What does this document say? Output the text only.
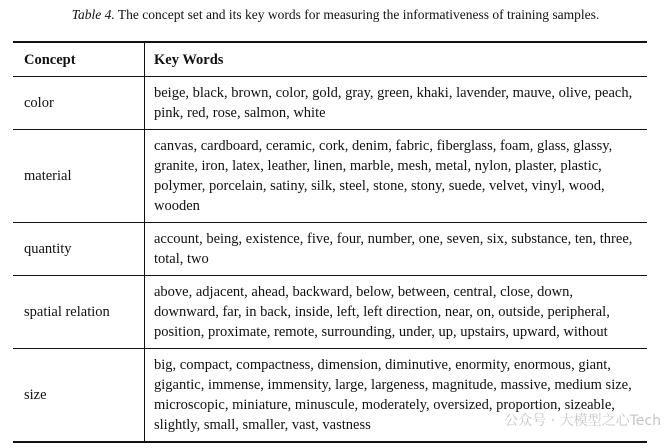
Table 4. The concept set and its key words for measuring the informativeness of training samples.
Concept	Key Words
color	beige, black, brown, color, gold, gray, green, khaki, lavender, mauve, olive, peach, pink, red, rose, salmon, white
material	canvas, cardboard, ceramic, cork, denim, fabric, fiberglass, foam, glass, glassy, granite, iron, latex, leather, linen, marble, mesh, metal, nylon, plaster, plastic, polymer, porcelain, satiny, silk, steel, stone, stony, suede, velvet, vinyl, wood, wooden
quantity	account, being, existence, five, four, number, one, seven, six, substance, ten, three, total, two
spatial relation	above, adjacent, ahead, backward, below, between, central, close, down, downward, far, in back, inside, left, left direction, near, on, outside, peripheral, position, proximate, remote, surrounding, under, up, upstairs, upward, without
size	big, compact, compactness, dimension, diminutive, enormity, enormous, giant, gigantic, immense, immensity, large, largeness, magnitude, massive, medium size, microscopic, miniature, minuscule, moderately, oversized, proportion, sizeable, slightly, small, smaller, vast, vastness	公众号 · 大模型之心Tech
